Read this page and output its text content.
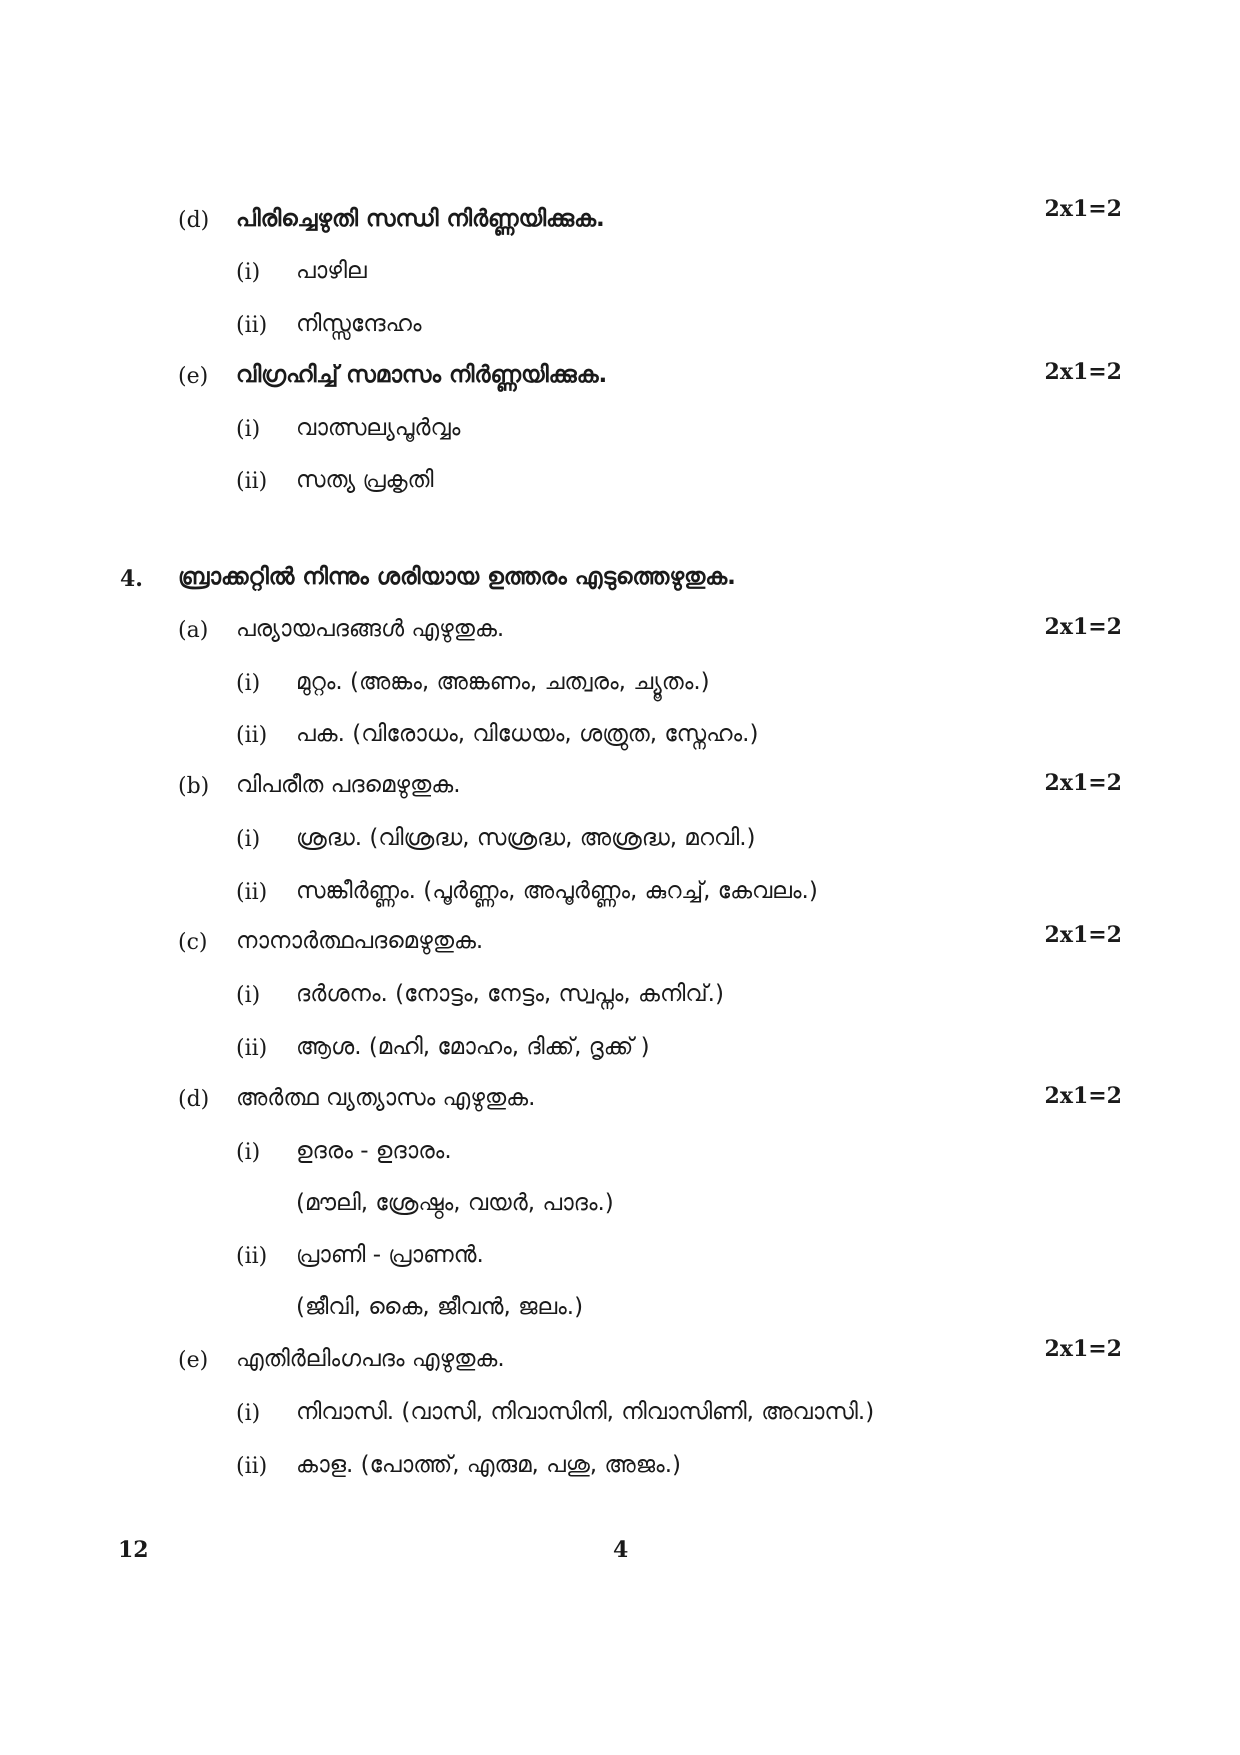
(d) പിരിച്ചെഴുതി സന്ധി നിർണ്ണയിക്കുക.	2x1=2
(i) പാഴില
(ii) നിസ്സന്ദേഹം
(e) വിഗ്രഹിച്ച് സമാസം നിർണ്ണയിക്കുക.	2x1=2
(i) വാത്സല്യപൂർവ്വം
(ii) സത്യ പ്രകൃതി
4. ബ്രാക്കറ്റിൽ നിന്നും ശരിയായ ഉത്തരം എടുത്തെഴുതുക.
(a) പര്യായപദങ്ങൾ എഴുതുക.	2x1=2
(i) മുറ്റം. (അങ്കം, അങ്കണം, ചത്വരം, ച്യൂതം.)
(ii) പക. (വിരോധം, വിധേയം, ശത്രുത, സ്നേഹം.)
(b) വിപരീത പദമെഴുതുക.	2x1=2
(i) ശ്രദ്ധ. (വിശ്രദ്ധ, സശ്രദ്ധ, അശ്രദ്ധ, മറവി.)
(ii) സങ്കീർണ്ണം. (പൂർണ്ണം, അപൂർണ്ണം, കുറച്ച്, കേവലം.)
(c) നാനാർത്ഥപദമെഴുതുക.	2x1=2
(i) ദർശനം. (നോട്ടം, നേട്ടം, സ്വപ്നം, കനിവ്.)
(ii) ആശ. (മഹി, മോഹം, ദിക്ക്, ദൃക്ക് )
(d) അർത്ഥ വ്യത്യാസം എഴുതുക.	2x1=2
(i) ഉദരം - ഉദാരം.
(മൗലി, ശ്രേഷ്ഠം, വയർ, പാദം.)
(ii) പ്രാണി - പ്രാണൻ.
(ജീവി, കൈ, ജീവൻ, ജലം.)
(e) എതിർലിംഗപദം എഴുതുക.	2x1=2
(i) നിവാസി. (വാസി, നിവാസിനി, നിവാസിണി, അവാസി.)
(ii) കാള. (പോത്ത്, എരുമ, പശു, അജം.)
12	4
